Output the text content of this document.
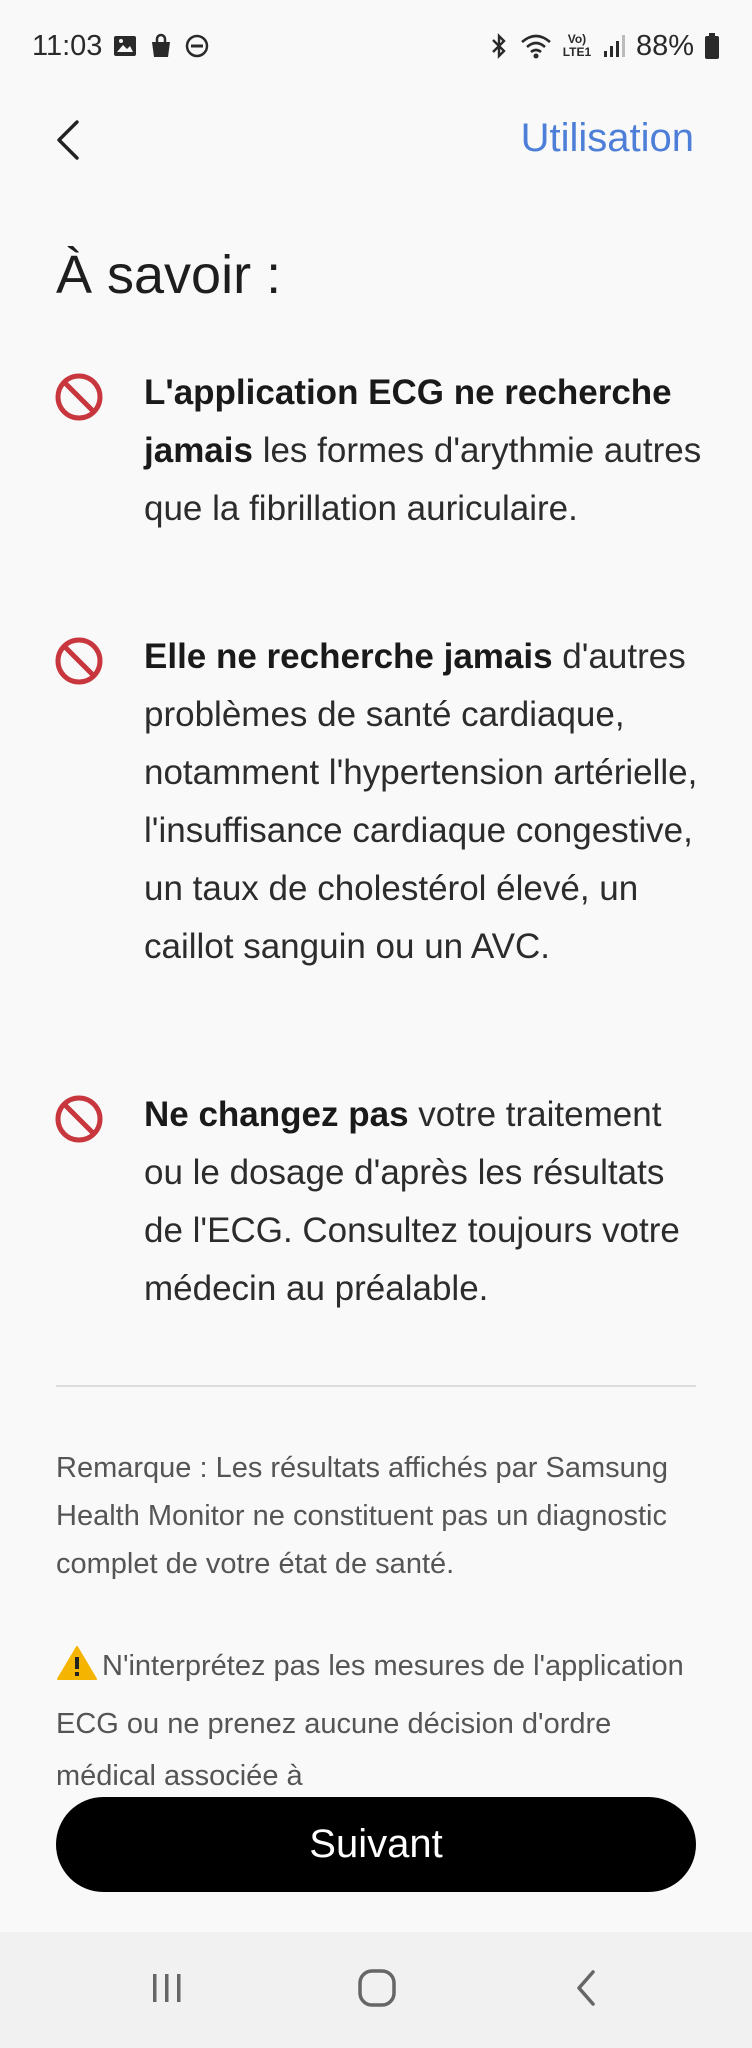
11:03	Vo) LTE1 88%
Utilisation
À savoir :

L'application ECG ne recherche jamais les formes d'arythmie autres que la fibrillation auriculaire.

Elle ne recherche jamais d'autres problèmes de santé cardiaque, notamment l'hypertension artérielle, l'insuffisance cardiaque congestive, un taux de cholestérol élevé, un caillot sanguin ou un AVC.

Ne changez pas votre traitement ou le dosage d'après les résultats de l'ECG. Consultez toujours votre médecin au préalable.

Remarque : Les résultats affichés par Samsung Health Monitor ne constituent pas un diagnostic complet de votre état de santé.

N'interprétez pas les mesures de l'application ECG ou ne prenez aucune décision d'ordre médical associée à

Suivant
